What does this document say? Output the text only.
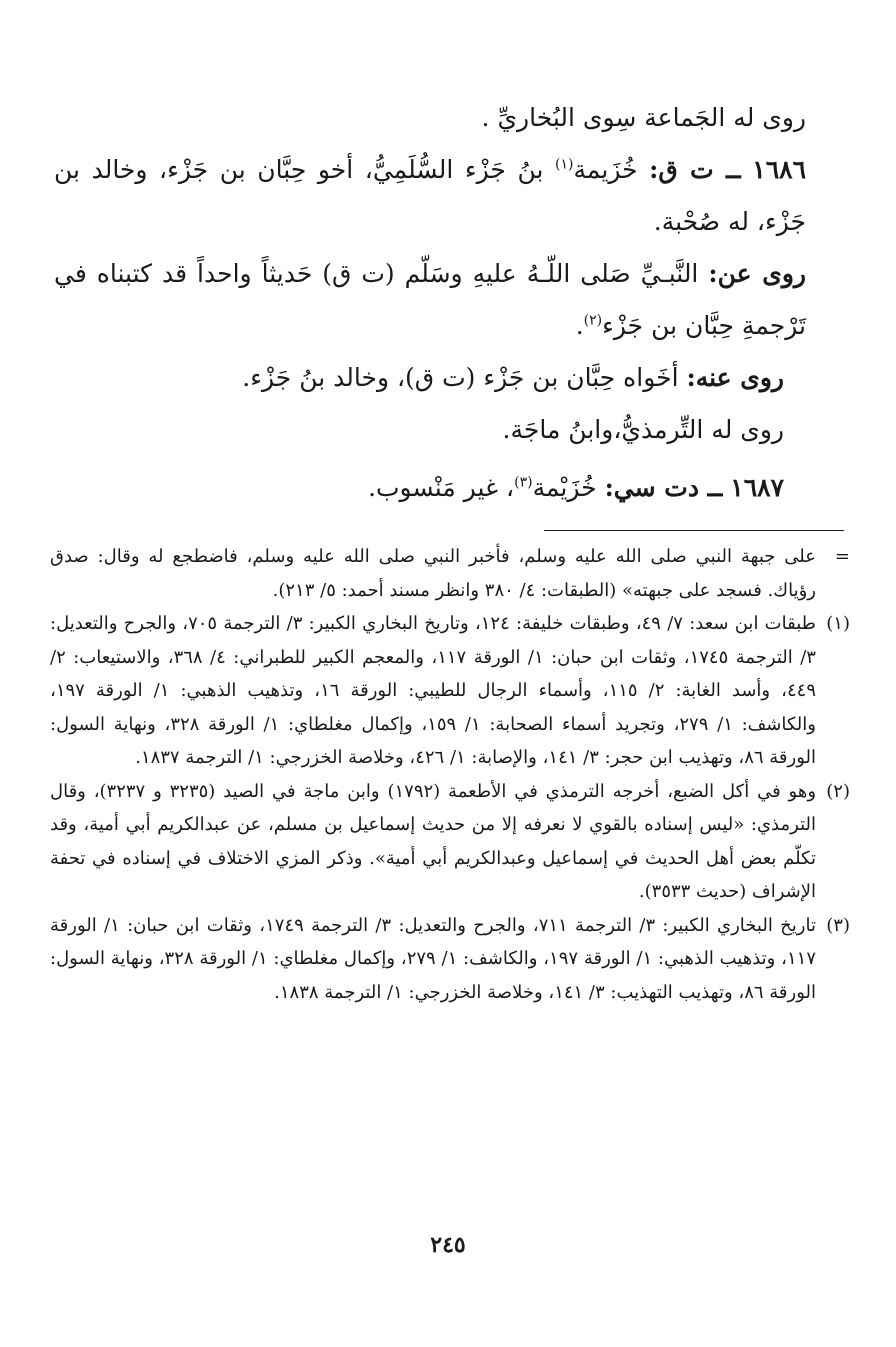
روى له الجَماعة سِوى البُخاريِّ .

١٦٨٦ ــ ت ق: خُزَيمة$^{(١)}$ بنُ جَزْء السُّلَمِيُّ، أخو حِبَّان بن جَزْء، وخالد بن جَزْء، له صُحْبة.

روى عن: النَّبـيِّ صَلى اللّـهُ عليهِ وسَلّم (ت ق) حَديثاً واحداً قد كتبناه في تَرْجمةِ حِبَّان بن جَزْء$^{(٢)}$.

روى عنه: أخَواه حِبَّان بن جَزْء (ت ق)، وخالد بنُ جَزْء.

روى له التِّرمذيُّ،وابنُ ماجَة.

١٦٨٧ ــ دت سي: خُزَيْمة$^{(٣)}$، غير مَنْسوب.

=
على جبهة النبي صلى الله عليه وسلم، فأخبر النبي صلى الله عليه وسلم، فاضطجع له وقال: صدق رؤياك. فسجد على جبهته» (الطبقات: ٤/ ٣٨٠ وانظر مسند أحمد: ٥/ ٢١٣).
(١)
طبقات ابن سعد: ٧/ ٤٩، وطبقات خليفة: ١٢٤، وتاريخ البخاري الكبير: ٣/ الترجمة ٧٠٥، والجرح والتعديل: ٣/ الترجمة ١٧٤٥، وثقات ابن حبان: ١/ الورقة ١١٧، والمعجم الكبير للطبراني: ٤/ ٣٦٨، والاستيعاب: ٢/ ٤٤٩، وأسد الغابة: ٢/ ١١٥، وأسماء الرجال للطيبي: الورقة ١٦، وتذهيب الذهبي: ١/ الورقة ١٩٧، والكاشف: ١/ ٢٧٩، وتجريد أسماء الصحابة: ١/ ١٥٩، وإكمال مغلطاي: ١/ الورقة ٣٢٨، ونهاية السول: الورقة ٨٦، وتهذيب ابن حجر: ٣/ ١٤١، والإصابة: ١/ ٤٢٦، وخلاصة الخزرجي: ١/ الترجمة ١٨٣٧.
(٢)
وهو في أكل الضبع، أخرجه الترمذي في الأطعمة (١٧٩٢) وابن ماجة في الصيد (٣٢٣٥ و ٣٢٣٧)، وقال الترمذي: «ليس إسناده بالقوي لا نعرفه إلا من حديث إسماعيل بن مسلم، عن عبدالكريم أبي أمية، وقد تكلّم بعض أهل الحديث في إسماعيل وعبدالكريم أبي أمية». وذكر المزي الاختلاف في إسناده في تحفة الإشراف (حديث ٣٥٣٣).
(٣)
تاريخ البخاري الكبير: ٣/ الترجمة ٧١١، والجرح والتعديل: ٣/ الترجمة ١٧٤٩، وثقات ابن حبان: ١/ الورقة ١١٧، وتذهيب الذهبي: ١/ الورقة ١٩٧، والكاشف: ١/ ٢٧٩، وإكمال مغلطاي: ١/ الورقة ٣٢٨، ونهاية السول: الورقة ٨٦، وتهذيب التهذيب: ٣/ ١٤١، وخلاصة الخزرجي: ١/ الترجمة ١٨٣٨.
٢٤٥
